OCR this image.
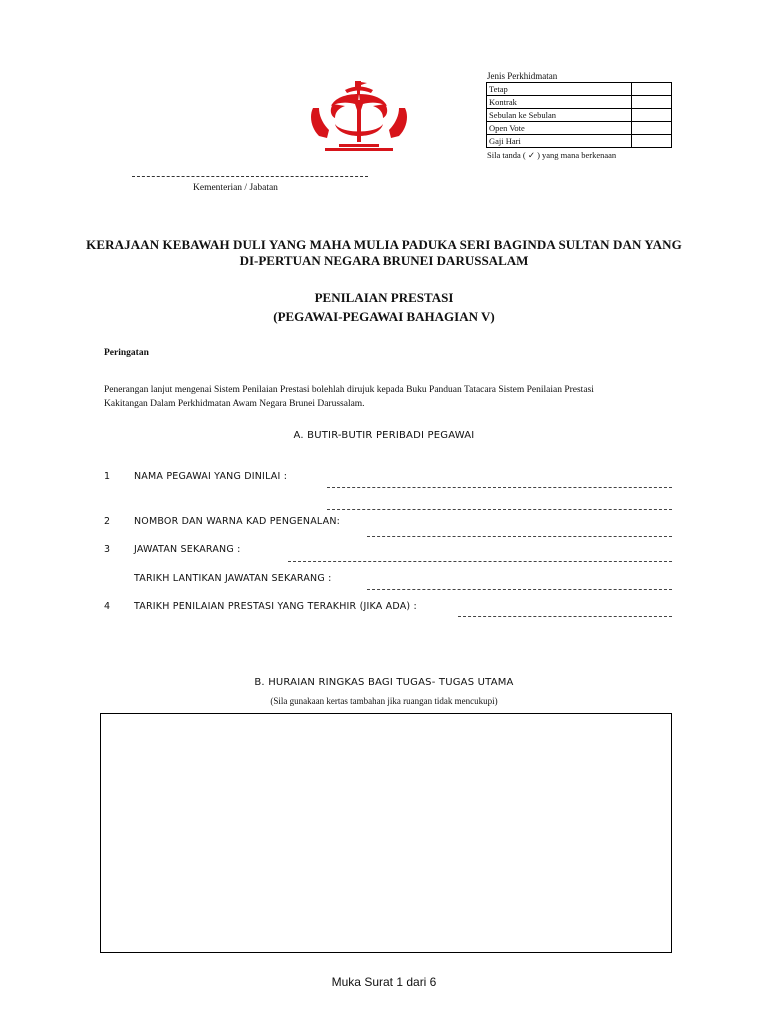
Jenis Perkhidmatan
Tetap	
Kontrak	
Sebulan ke Sebulan	
Open Vote	
Gaji Hari	
Sila tanda ( ✓ ) yang mana berkenaan
Kementerian / Jabatan
KERAJAAN KEBAWAH DULI YANG MAHA MULIA PADUKA SERI BAGINDA SULTAN DAN YANG
DI-PERTUAN NEGARA BRUNEI DARUSSALAM
PENILAIAN PRESTASI
(PEGAWAI-PEGAWAI BAHAGIAN V)
Peringatan
Penerangan lanjut mengenai Sistem Penilaian Prestasi bolehlah dirujuk kepada Buku Panduan Tatacara Sistem Penilaian Prestasi
Kakitangan Dalam Perkhidmatan Awam Negara Brunei Darussalam.
A. BUTIR-BUTIR PERIBADI PEGAWAI
1	NAMA PEGAWAI YANG DINILAI :
2	NOMBOR DAN WARNA KAD PENGENALAN:
3	JAWATAN SEKARANG :
TARIKH LANTIKAN JAWATAN SEKARANG :
4	TARIKH PENILAIAN PRESTASI YANG TERAKHIR (JIKA ADA) :
B. HURAIAN RINGKAS BAGI TUGAS- TUGAS UTAMA
(Sila gunakaan kertas tambahan jika ruangan tidak mencukupi)
Muka Surat 1 dari 6
